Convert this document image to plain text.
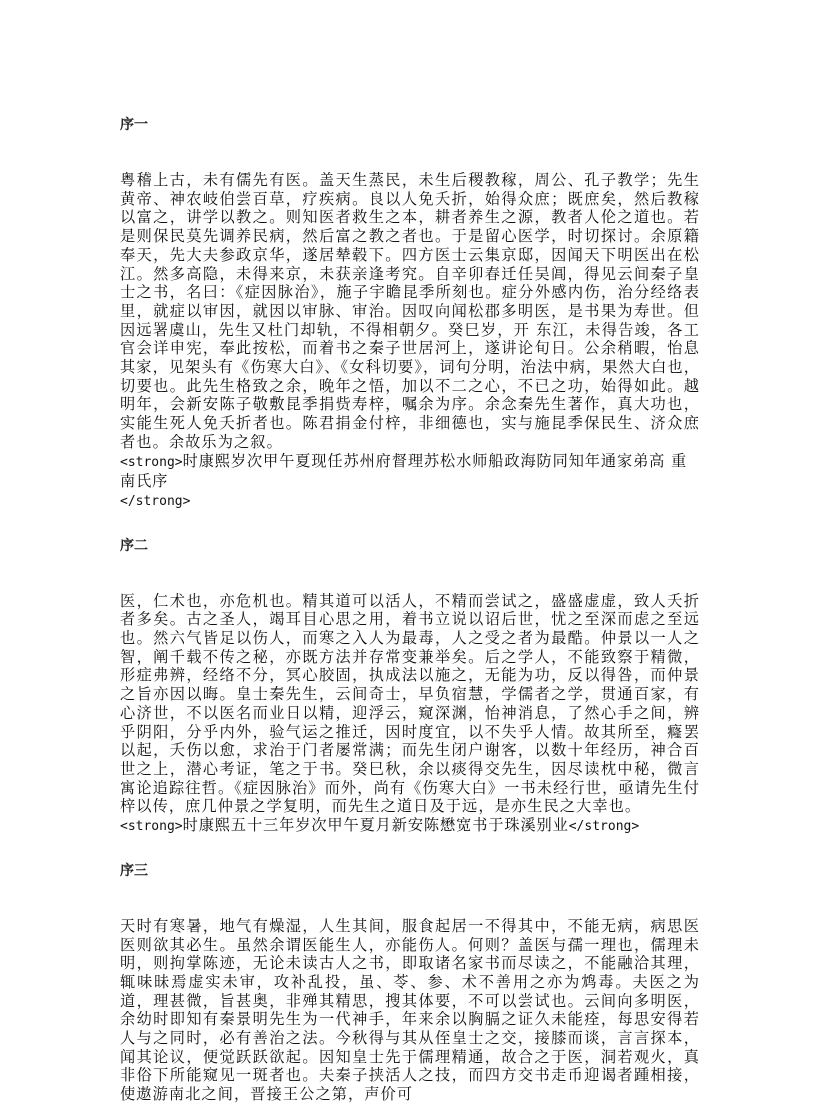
序一

粤稽上古，未有儒先有医。盖天生蒸民，未生后稷教稼，周公、孔子教学；先生黄帝、神农岐伯尝百草，疗疾病。良以人免夭折，始得众庶；既庶矣，然后教稼以富之，讲学以教之。则知医者救生之本，耕者养生之源，教者人伦之道也。若是则保民莫先调养民病，然后富之教之者也。于是留心医学，时切探讨。余原籍奉天，先大夫参政京华，遂居辇毂下。四方医士云集京邸，因闻天下明医出在松江。然多高隐，未得来京，未获亲逢考究。自辛卯春迁任吴阊，得见云间秦子皇士之书，名曰：《症因脉治》，施子宇瞻昆季所刻也。症分外感内伤，治分经络表里，就症以审因，就因以审脉、审治。因叹向闻松郡多明医，是书果为寿世。但因远署虞山，先生又杜门却轨，不得相朝夕。癸巳岁，开 东江，未得告竣，各工官会详申宪，奉此按松，而着书之秦子世居河上，遂讲论旬日。公余稍暇，怡息其家，见架头有《伤寒大白》、《女科切要》，词句分明，治法中病，果然大白也，切要也。此先生格致之余，晚年之悟，加以不二之心，不已之功，始得如此。越明年，会新安陈子敬敷昆季捐赀寿梓，嘱余为序。余念秦先生著作，真大功也，实能生死人免夭折者也。陈君捐金付梓，非细德也，实与施昆季保民生、济众庶者也。余故乐为之叙。

<strong>时康熙岁次甲午夏现任苏州府督理苏松水师船政海防同知年通家弟高 重南氏序
</strong>

序二

医，仁术也，亦危机也。精其道可以活人，不精而尝试之，盛盛虚虚，致人夭折者多矣。古之圣人，竭耳目心思之用，着书立说以诏后世，忧之至深而虑之至远也。然六气皆足以伤人，而寒之入人为最毒，人之受之者为最酷。仲景以一人之智，阐千载不传之秘，亦既方法并存常变兼举矣。后之学人，不能致察于精微，形症弗辨，经络不分，冥心胶固，执成法以施之，无能为功，反以得咎，而仲景之旨亦因以晦。皇士秦先生，云间奇士，早负宿慧，学儒者之学，贯通百家，有心济世，不以医名而业日以精，迎浮云，窥深渊，怡神消息，了然心手之间，辨乎阴阳，分乎内外，验气运之推迁，因时度宜，以不失乎人情。故其所至，癃罢以起，夭伤以愈，求治于门者屡常满；而先生闭户谢客，以数十年经历，神合百世之上，潜心考证，笔之于书。癸巳秋，余以痰得交先生，因尽读枕中秘，微言寓论追踪往哲。《症因脉治》而外，尚有《伤寒大白》一书未经行世，亟请先生付梓以传，庶几仲景之学复明，而先生之道日及于远，是亦生民之大幸也。

<strong>时康熙五十三年岁次甲午夏月新安陈懋宽书于珠溪别业</strong>

序三

天时有寒暑，地气有燥湿，人生其间，服食起居一不得其中，不能无病，病思医医则欲其必生。虽然余谓医能生人，亦能伤人。何则？盖医与孺一理也，儒理未明，则拘掌陈迹，无论未读古人之书，即取诸名家书而尽读之，不能融洽其理，辄味昧焉虚实未审，攻补乱投，虽、苓、参、术不善用之亦为鸩毒。夫医之为道，理甚微，旨甚奥，非殚其精思，搜其体要，不可以尝试也。云间向多明医，余幼时即知有秦景明先生为一代神手，年来余以胸膈之证久未能痊，每思安得若人与之同时，必有善治之法。今秋得与其从侄皇士之交，接膝而谈，言言探本，闻其论议，便觉跃跃欲起。因知皇士先于儒理精通，故合之于医，洞若观火，真非俗下所能窥见一斑者也。夫秦子挟活人之技，而四方交书走币迎谒者踵相接，使遨游南北之间，晋接王公之第，声价可
